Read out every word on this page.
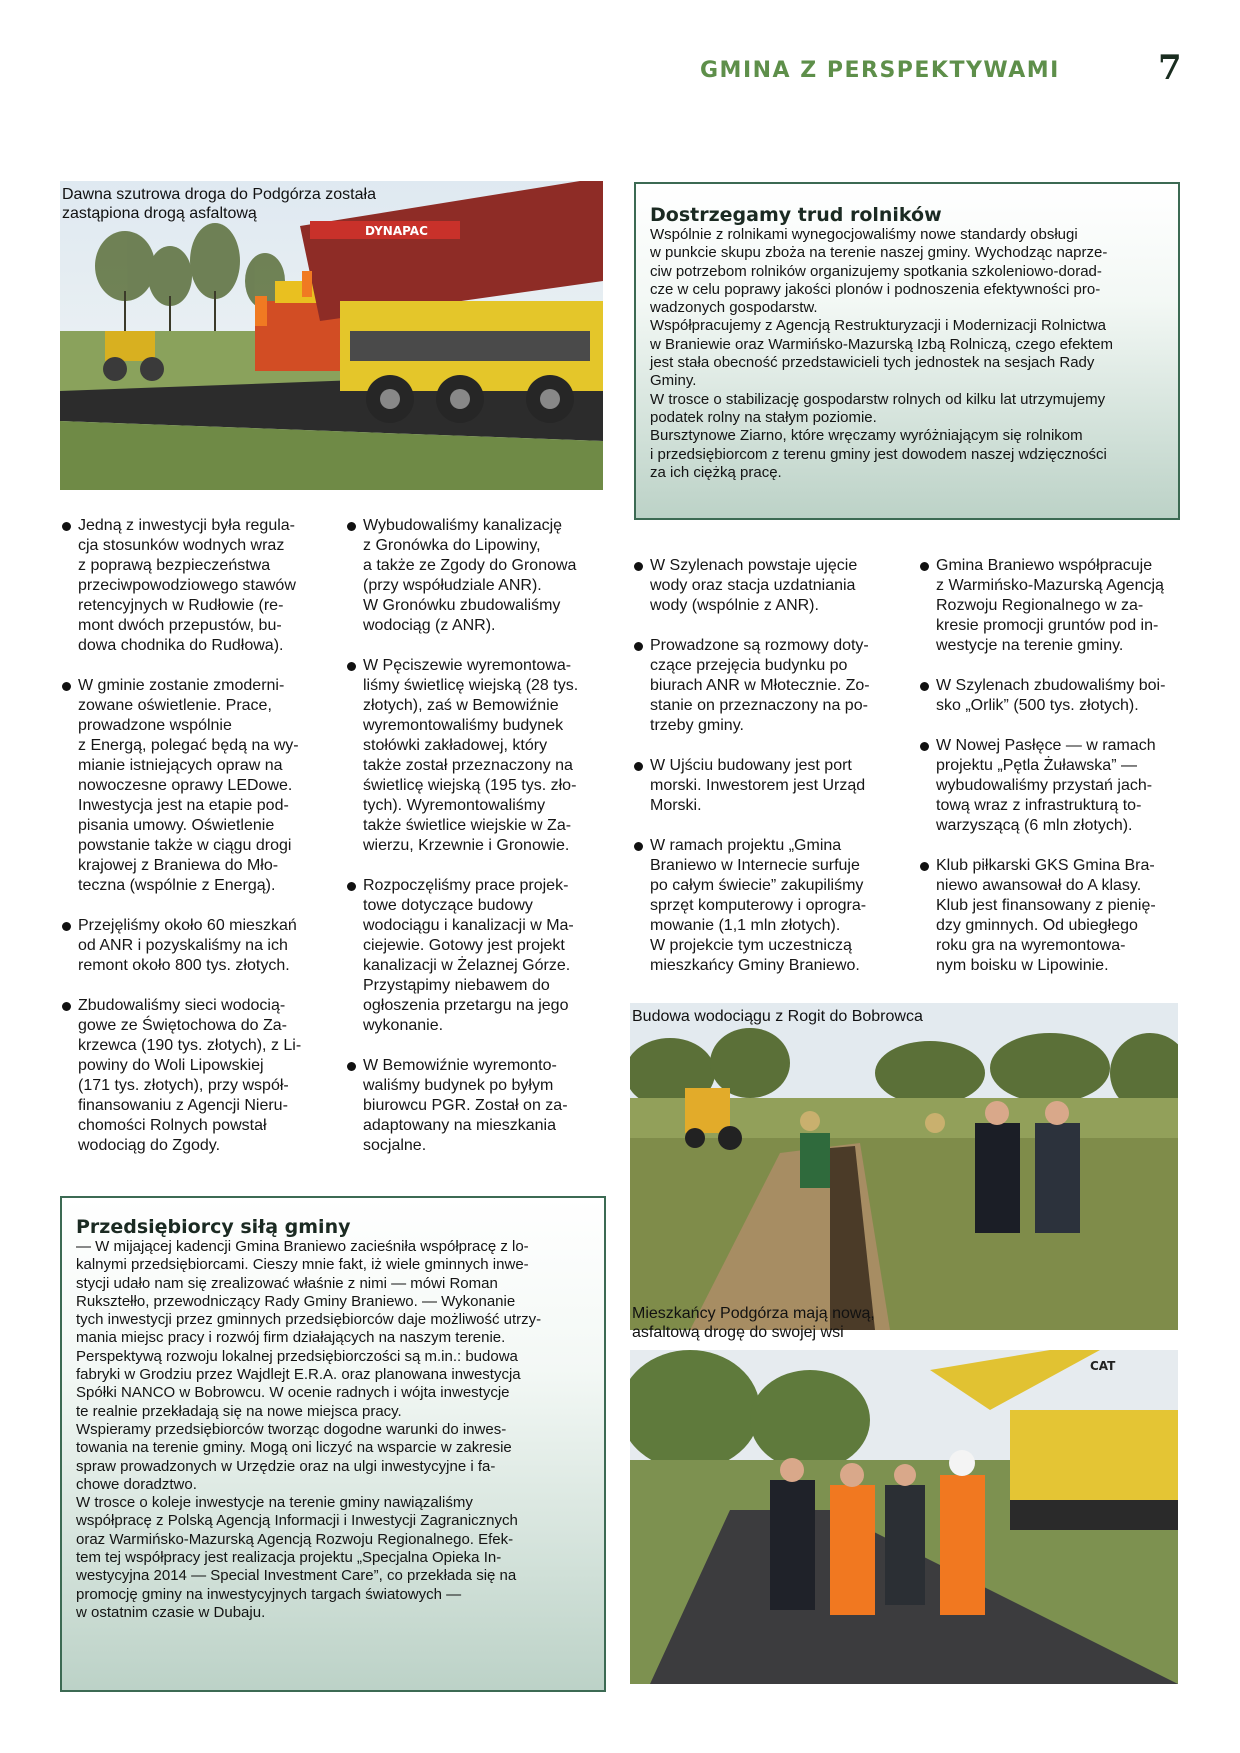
GMINA Z PERSPEKTYWAMI	7
DYNAPAC
Dawna szutrowa droga do Podgórza została
zastąpiona drogą asfaltową
Jedną z inwestycji była regula-
cja stosunków wodnych wraz
z poprawą bezpieczeństwa
przeciwpowodziowego stawów
retencyjnych w Rudłowie (re-
mont dwóch przepustów, bu-
dowa chodnika do Rudłowa).
W gminie zostanie zmoderni-
zowane oświetlenie. Prace,
prowadzone wspólnie
z Energą, polegać będą na wy-
mianie istniejących opraw na
nowoczesne oprawy LEDowe.
Inwestycja jest na etapie pod-
pisania umowy. Oświetlenie
powstanie także w ciągu drogi
krajowej z Braniewa do Mło-
teczna (wspólnie z Energą).
Przejęliśmy około 60 mieszkań
od ANR i pozyskaliśmy na ich
remont około 800 tys. złotych.
Zbudowaliśmy sieci wodocią-
gowe ze Świętochowa do Za-
krzewca (190 tys. złotych), z Li-
powiny do Woli Lipowskiej
(171 tys. złotych), przy współ-
finansowaniu z Agencji Nieru-
chomości Rolnych powstał
wodociąg do Zgody.
Wybudowaliśmy kanalizację
z Gronówka do Lipowiny,
a także ze Zgody do Gronowa
(przy współudziale ANR).
W Gronówku zbudowaliśmy
wodociąg (z ANR).
W Pęciszewie wyremontowa-
liśmy świetlicę wiejską (28 tys.
złotych), zaś w Bemowiźnie
wyremontowaliśmy budynek
stołówki zakładowej, który
także został przeznaczony na
świetlicę wiejską (195 tys. zło-
tych). Wyremontowaliśmy
także świetlice wiejskie w Za-
wierzu, Krzewnie i Gronowie.
Rozpoczęliśmy prace projek-
towe dotyczące budowy
wodociągu i kanalizacji w Ma-
ciejewie. Gotowy jest projekt
kanalizacji w Żelaznej Górze.
Przystąpimy niebawem do
ogłoszenia przetargu na jego
wykonanie.
W Bemowiźnie wyremonto-
waliśmy budynek po byłym
biurowcu PGR. Został on za-
adaptowany na mieszkania
socjalne.
Dostrzegamy trud rolników
Wspólnie z rolnikami wynegocjowaliśmy nowe standardy obsługi
w punkcie skupu zboża na terenie naszej gminy. Wychodząc naprze-
ciw potrzebom rolników organizujemy spotkania szkoleniowo-dorad-
cze w celu poprawy jakości plonów i podnoszenia efektywności pro-
wadzonych gospodarstw.
Współpracujemy z Agencją Restrukturyzacji i Modernizacji Rolnictwa
w Braniewie oraz Warmińsko-Mazurską Izbą Rolniczą, czego efektem
jest stała obecność przedstawicieli tych jednostek na sesjach Rady
Gminy.
W trosce o stabilizację gospodarstw rolnych od kilku lat utrzymujemy
podatek rolny na stałym poziomie.
Bursztynowe Ziarno, które wręczamy wyróżniającym się rolnikom
i przedsiębiorcom z terenu gminy jest dowodem naszej wdzięczności
za ich ciężką pracę.
W Szylenach powstaje ujęcie
wody oraz stacja uzdatniania
wody (wspólnie z ANR).
Prowadzone są rozmowy doty-
czące przejęcia budynku po
biurach ANR w Młotecznie. Zo-
stanie on przeznaczony na po-
trzeby gminy.
W Ujściu budowany jest port
morski. Inwestorem jest Urząd
Morski.
W ramach projektu „Gmina
Braniewo w Internecie surfuje
po całym świecie” zakupiliśmy
sprzęt komputerowy i oprogra-
mowanie (1,1 mln złotych).
W projekcie tym uczestniczą
mieszkańcy Gminy Braniewo.
Gmina Braniewo współpracuje
z Warmińsko-Mazurską Agencją
Rozwoju Regionalnego w za-
kresie promocji gruntów pod in-
westycje na terenie gminy.
W Szylenach zbudowaliśmy boi-
sko „Orlik” (500 tys. złotych).
W Nowej Pasłęce — w ramach
projektu „Pętla Żuławska” —
wybudowaliśmy przystań jach-
tową wraz z infrastrukturą to-
warzyszącą (6 mln złotych).
Klub piłkarski GKS Gmina Bra-
niewo awansował do A klasy.
Klub jest finansowany z pienię-
dzy gminnych. Od ubiegłego
roku gra na wyremontowa-
nym boisku w Lipowinie.
Budowa wodociągu z Rogit do Bobrowca
Przedsiębiorcy siłą gminy
— W mijającej kadencji Gmina Braniewo zacieśniła współpracę z lo-
kalnymi przedsiębiorcami. Cieszy mnie fakt, iż wiele gminnych inwe-
stycji udało nam się zrealizować właśnie z nimi — mówi Roman
Ruksztełło, przewodniczący Rady Gminy Braniewo. — Wykonanie
tych inwestycji przez gminnych przedsiębiorców daje możliwość utrzy-
mania miejsc pracy i rozwój firm działających na naszym terenie.
Perspektywą rozwoju lokalnej przedsiębiorczości są m.in.: budowa
fabryki w Grodziu przez Wajdlejt E.R.A. oraz planowana inwestycja
Spółki NANCO w Bobrowcu. W ocenie radnych i wójta inwestycje
te realnie przekładają się na nowe miejsca pracy.
Wspieramy przedsiębiorców tworząc dogodne warunki do inwes-
towania na terenie gminy. Mogą oni liczyć na wsparcie w zakresie
spraw prowadzonych w Urzędzie oraz na ulgi inwestycyjne i fa-
chowe doradztwo.
W trosce o koleje inwestycje na terenie gminy nawiązaliśmy
współpracę z Polską Agencją Informacji i Inwestycji Zagranicznych
oraz Warmińsko-Mazurską Agencją Rozwoju Regionalnego. Efek-
tem tej współpracy jest realizacja projektu „Specjalna Opieka In-
westycyjna 2014 — Special Investment Care”, co przekłada się na
promocję gminy na inwestycyjnych targach światowych —
w ostatnim czasie w Dubaju.
CAT
Mieszkańcy Podgórza mają nową,
asfaltową drogę do swojej wsi
